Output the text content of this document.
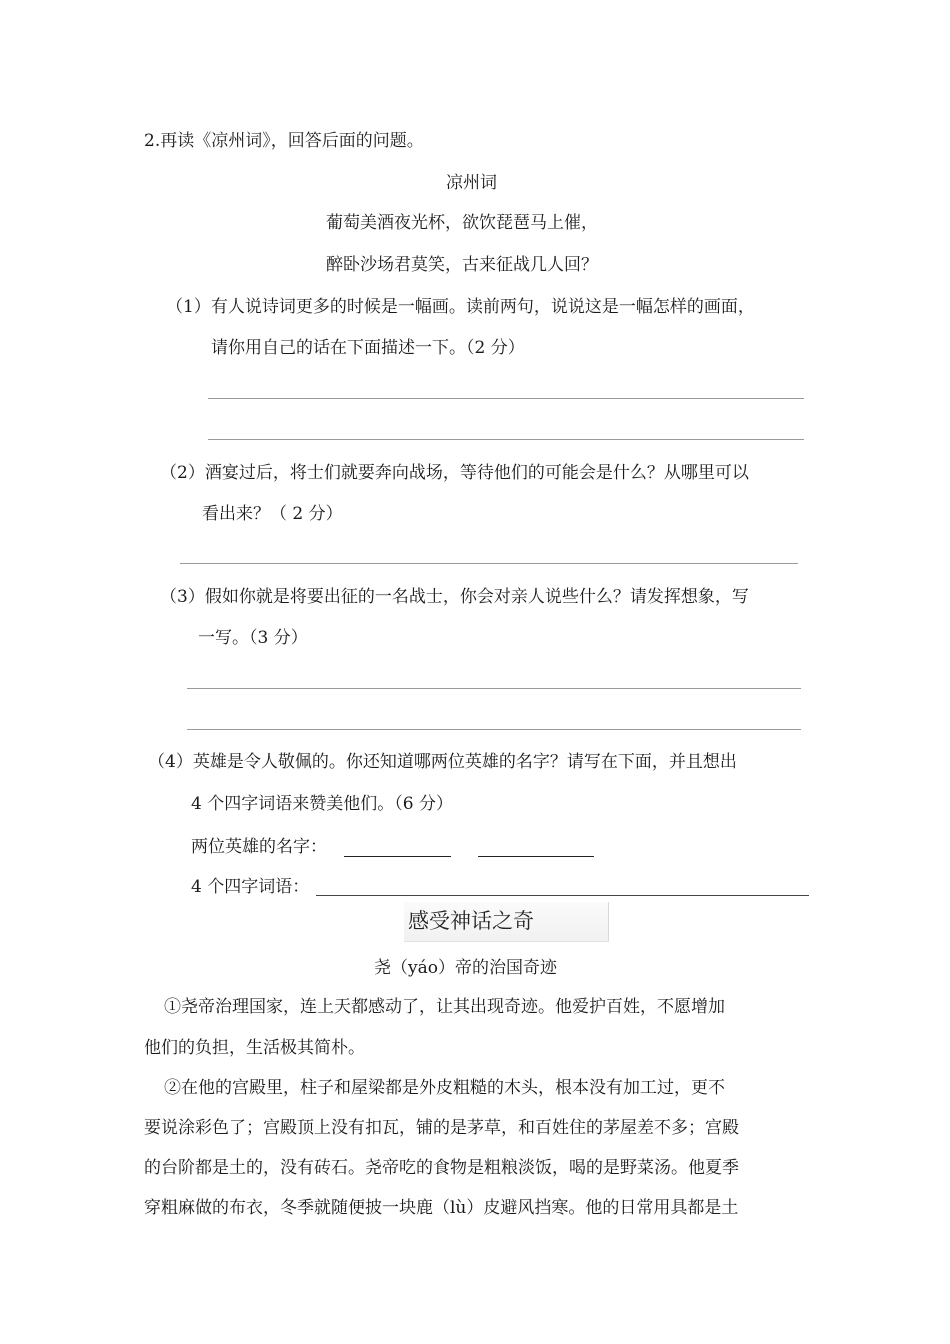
2.再读《凉州词》，回答后面的问题。
凉州词
葡萄美酒夜光杯，欲饮琵琶马上催，
醉卧沙场君莫笑，古来征战几人回？
（1）有人说诗词更多的时候是一幅画。读前两句，说说这是一幅怎样的画面，
请你用自己的话在下面描述一下。（2 分）
（2）酒宴过后，将士们就要奔向战场，等待他们的可能会是什么？从哪里可以
看出来？（ 2 分）
（3）假如你就是将要出征的一名战士，你会对亲人说些什么？请发挥想象，写
一写。（3 分）
（4）英雄是令人敬佩的。你还知道哪两位英雄的名字？请写在下面，并且想出
4 个四字词语来赞美他们。（6 分）
两位英雄的名字：
4 个四字词语：
感受神话之奇
尧（yáo）帝的治国奇迹
①尧帝治理国家，连上天都感动了，让其出现奇迹。他爱护百姓，不愿增加
他们的负担，生活极其简朴。
②在他的宫殿里，柱子和屋梁都是外皮粗糙的木头，根本没有加工过，更不
要说涂彩色了；宫殿顶上没有扣瓦，铺的是茅草，和百姓住的茅屋差不多；宫殿
的台阶都是土的，没有砖石。尧帝吃的食物是粗粮淡饭，喝的是野菜汤。他夏季
穿粗麻做的布衣，冬季就随便披一块鹿（lù）皮避风挡寒。他的日常用具都是土
